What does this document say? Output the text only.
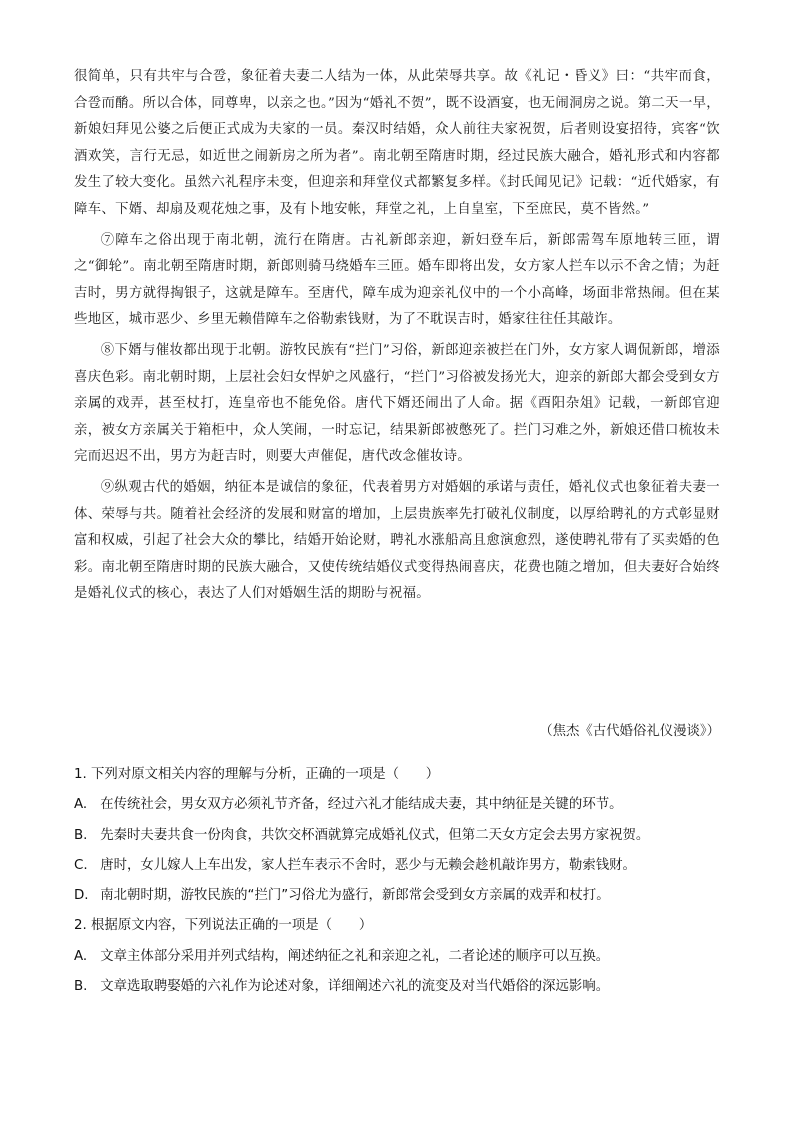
很简单，只有共牢与合卺，象征着夫妻二人结为一体，从此荣辱共享。故《礼记・昏义》曰：“共牢而食，合卺而酳。所以合体，同尊卑，以亲之也。”因为“婚礼不贺”，既不设酒宴，也无闹洞房之说。第二天一早，新娘妇拜见公婆之后便正式成为夫家的一员。秦汉时结婚，众人前往夫家祝贺，后者则设宴招待，宾客“饮酒欢笑，言行无忌，如近世之闹新房之所为者”。南北朝至隋唐时期，经过民族大融合，婚礼形式和内容都发生了较大变化。虽然六礼程序未变，但迎亲和拜堂仪式都繁复多样。《封氏闻见记》记载：“近代婚家，有障车、下婿、却扇及观花烛之事，及有卜地安帐，拜堂之礼，上自皇室，下至庶民，莫不皆然。”

⑦障车之俗出现于南北朝，流行在隋唐。古礼新郎亲迎，新妇登车后，新郎需驾车原地转三匝，谓之“御轮”。南北朝至隋唐时期，新郎则骑马绕婚车三匝。婚车即将出发，女方家人拦车以示不舍之情；为赶吉时，男方就得掏银子，这就是障车。至唐代，障车成为迎亲礼仪中的一个小高峰，场面非常热闹。但在某些地区，城市恶少、乡里无赖借障车之俗勒索钱财，为了不耽误吉时，婚家往往任其敲诈。

⑧下婿与催妆都出现于北朝。游牧民族有“拦门”习俗，新郎迎亲被拦在门外，女方家人调侃新郎，增添喜庆色彩。南北朝时期，上层社会妇女悍妒之风盛行，“拦门”习俗被发扬光大，迎亲的新郎大都会受到女方亲属的戏弄，甚至杖打，连皇帝也不能免俗。唐代下婿还闹出了人命。据《酉阳杂俎》记载，一新郎官迎亲，被女方亲属关于箱柜中，众人笑闹，一时忘记，结果新郎被憋死了。拦门习难之外，新娘还借口梳妆未完而迟迟不出，男方为赶吉时，则要大声催促，唐代改念催妆诗。

⑨纵观古代的婚姻，纳征本是诚信的象征，代表着男方对婚姻的承诺与责任，婚礼仪式也象征着夫妻一体、荣辱与共。随着社会经济的发展和财富的增加，上层贵族率先打破礼仪制度，以厚给聘礼的方式彰显财富和权威，引起了社会大众的攀比，结婚开始论财，聘礼水涨船高且愈演愈烈，遂使聘礼带有了买卖婚的色彩。南北朝至隋唐时期的民族大融合，又使传统结婚仪式变得热闹喜庆，花费也随之增加，但夫妻好合始终是婚礼仪式的核心，表达了人们对婚姻生活的期盼与祝福。

（焦杰《古代婚俗礼仪漫谈》）
1. 下列对原文相关内容的理解与分析，正确的一项是（　　）
A. 在传统社会，男女双方必须礼节齐备，经过六礼才能结成夫妻，其中纳征是关键的环节。
B. 先秦时夫妻共食一份肉食，共饮交杯酒就算完成婚礼仪式，但第二天女方定会去男方家祝贺。
C. 唐时，女儿嫁人上车出发，家人拦车表示不舍时，恶少与无赖会趁机敲诈男方，勒索钱财。
D. 南北朝时期，游牧民族的“拦门”习俗尤为盛行，新郎常会受到女方亲属的戏弄和杖打。
2. 根据原文内容，下列说法正确的一项是（　　）
A. 文章主体部分采用并列式结构，阐述纳征之礼和亲迎之礼，二者论述的顺序可以互换。
B. 文章选取聘娶婚的六礼作为论述对象，详细阐述六礼的流变及对当代婚俗的深远影响。
